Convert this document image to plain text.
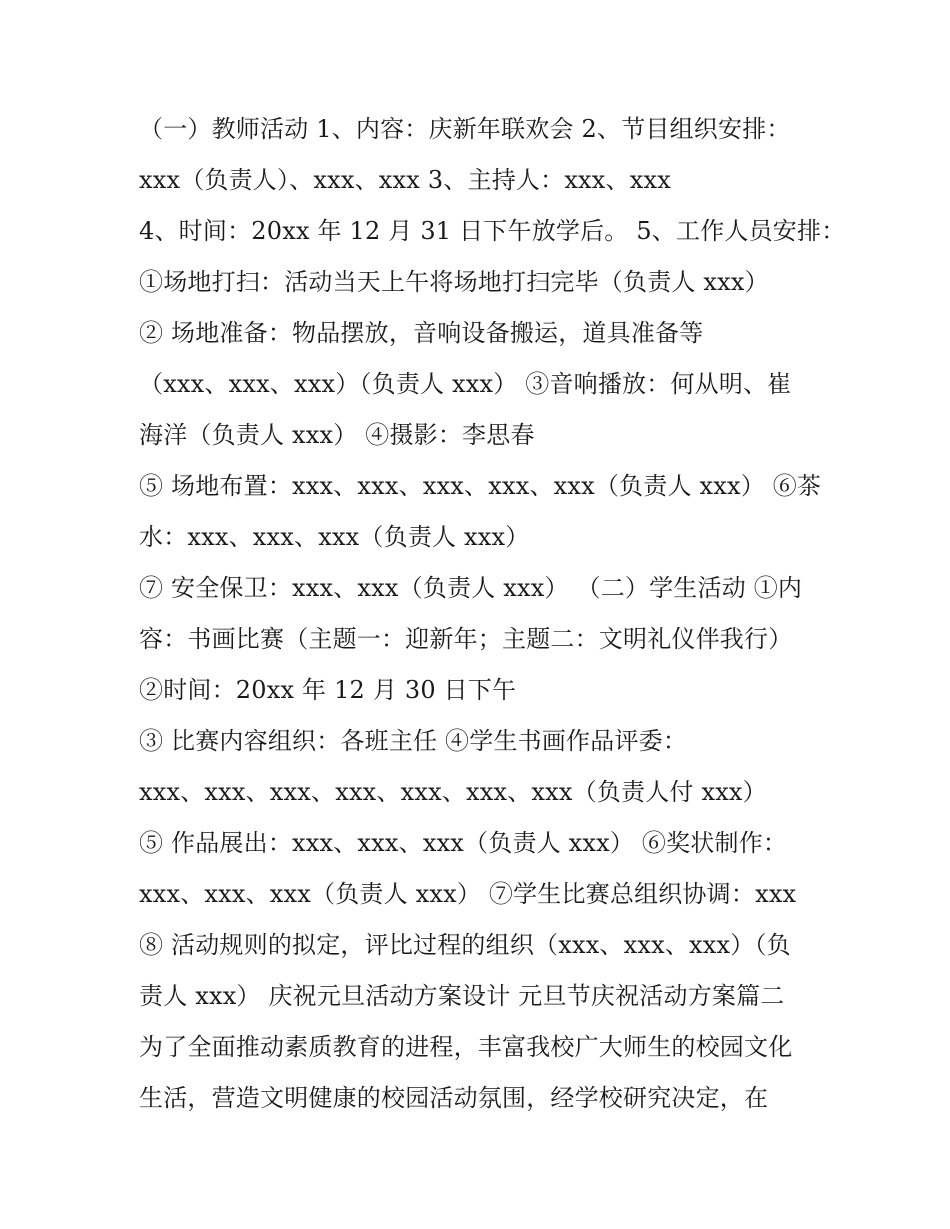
（一）教师活动 1、内容：庆新年联欢会 2、节目组织安排：
xxx（负责人）、xxx、xxx 3、主持人：xxx、xxx
4、时间：20xx 年 12 月 31 日下午放学后。 5、工作人员安排：
①场地打扫：活动当天上午将场地打扫完毕（负责人 xxx）
② 场地准备：物品摆放，音响设备搬运，道具准备等
（xxx、xxx、xxx）（负责人 xxx） ③音响播放：何从明、崔
海洋（负责人 xxx） ④摄影：李思春
⑤ 场地布置：xxx、xxx、xxx、xxx、xxx（负责人 xxx） ⑥茶
水：xxx、xxx、xxx（负责人 xxx）
⑦ 安全保卫：xxx、xxx（负责人 xxx） （二）学生活动 ①内
容：书画比赛（主题一：迎新年；主题二：文明礼仪伴我行）
②时间：20xx 年 12 月 30 日下午
③ 比赛内容组织：各班主任 ④学生书画作品评委：
xxx、xxx、xxx、xxx、xxx、xxx、xxx（负责人付 xxx）
⑤ 作品展出：xxx、xxx、xxx（负责人 xxx） ⑥奖状制作：
xxx、xxx、xxx（负责人 xxx） ⑦学生比赛总组织协调：xxx
⑧ 活动规则的拟定，评比过程的组织（xxx、xxx、xxx）（负
责人 xxx） 庆祝元旦活动方案设计 元旦节庆祝活动方案篇二
为了全面推动素质教育的进程，丰富我校广大师生的校园文化
生活，营造文明健康的校园活动氛围，经学校研究决定，在
